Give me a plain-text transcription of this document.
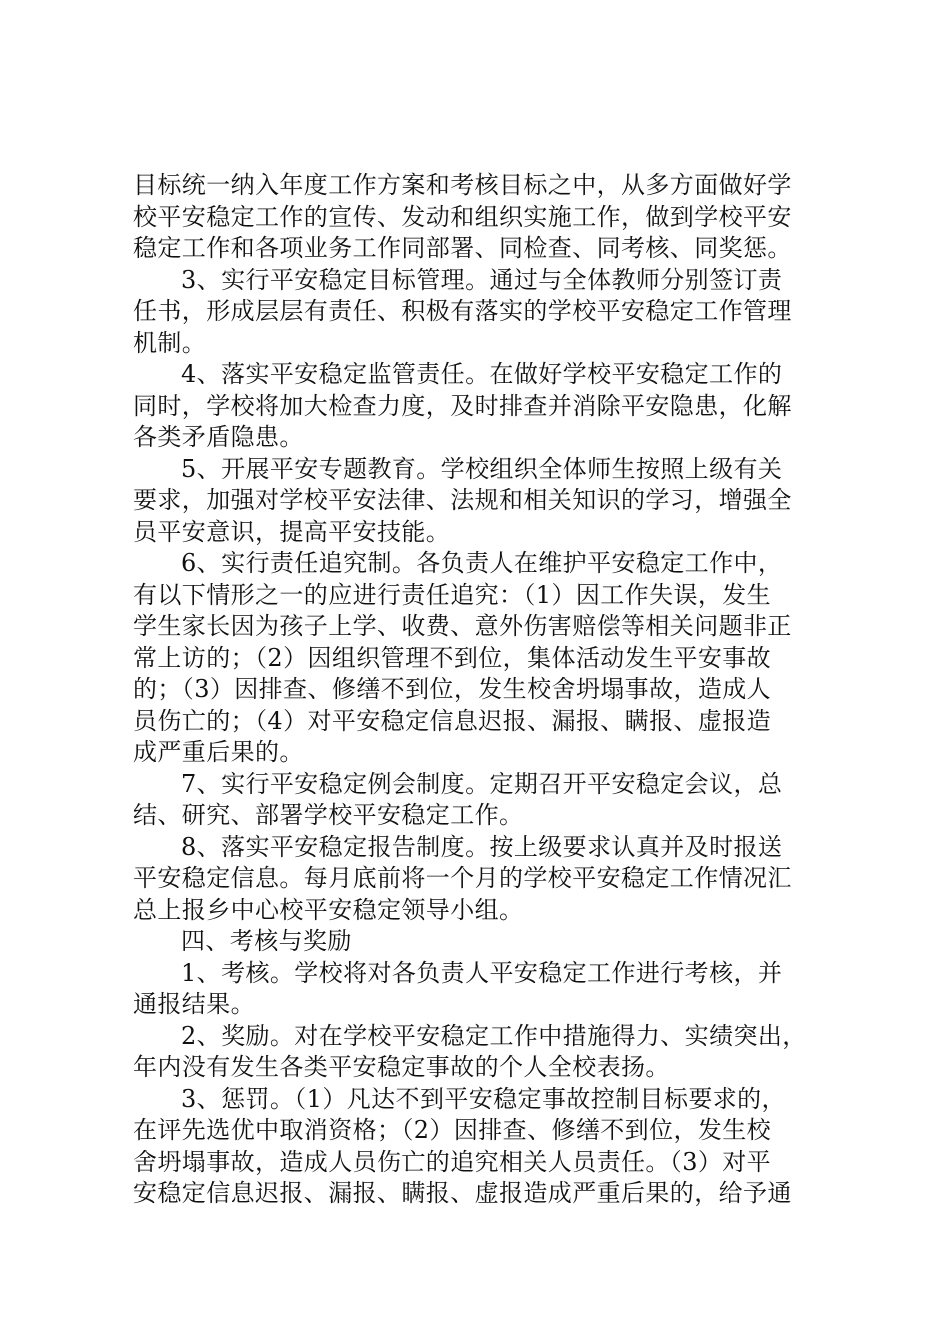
目标统一纳入年度工作方案和考核目标之中，从多方面做好学
校平安稳定工作的宣传、发动和组织实施工作，做到学校平安
稳定工作和各项业务工作同部署、同检查、同考核、同奖惩。
3、实行平安稳定目标管理。通过与全体教师分别签订责
任书，形成层层有责任、积极有落实的学校平安稳定工作管理
机制。
4、落实平安稳定监管责任。在做好学校平安稳定工作的
同时，学校将加大检查力度，及时排查并消除平安隐患，化解
各类矛盾隐患。
5、开展平安专题教育。学校组织全体师生按照上级有关
要求，加强对学校平安法律、法规和相关知识的学习，增强全
员平安意识，提高平安技能。
6、实行责任追究制。各负责人在维护平安稳定工作中，
有以下情形之一的应进行责任追究：（1）因工作失误，发生
学生家长因为孩子上学、收费、意外伤害赔偿等相关问题非正
常上访的；（2）因组织管理不到位，集体活动发生平安事故
的；（3）因排查、修缮不到位，发生校舍坍塌事故，造成人
员伤亡的；（4）对平安稳定信息迟报、漏报、瞒报、虚报造
成严重后果的。
7、实行平安稳定例会制度。定期召开平安稳定会议，总
结、研究、部署学校平安稳定工作。
8、落实平安稳定报告制度。按上级要求认真并及时报送
平安稳定信息。每月底前将一个月的学校平安稳定工作情况汇
总上报乡中心校平安稳定领导小组。
四、考核与奖励
1、考核。学校将对各负责人平安稳定工作进行考核，并
通报结果。
2、奖励。对在学校平安稳定工作中措施得力、实绩突出，
年内没有发生各类平安稳定事故的个人全校表扬。
3、惩罚。（1）凡达不到平安稳定事故控制目标要求的，
在评先选优中取消资格；（2）因排查、修缮不到位，发生校
舍坍塌事故，造成人员伤亡的追究相关人员责任。（3）对平
安稳定信息迟报、漏报、瞒报、虚报造成严重后果的，给予通
